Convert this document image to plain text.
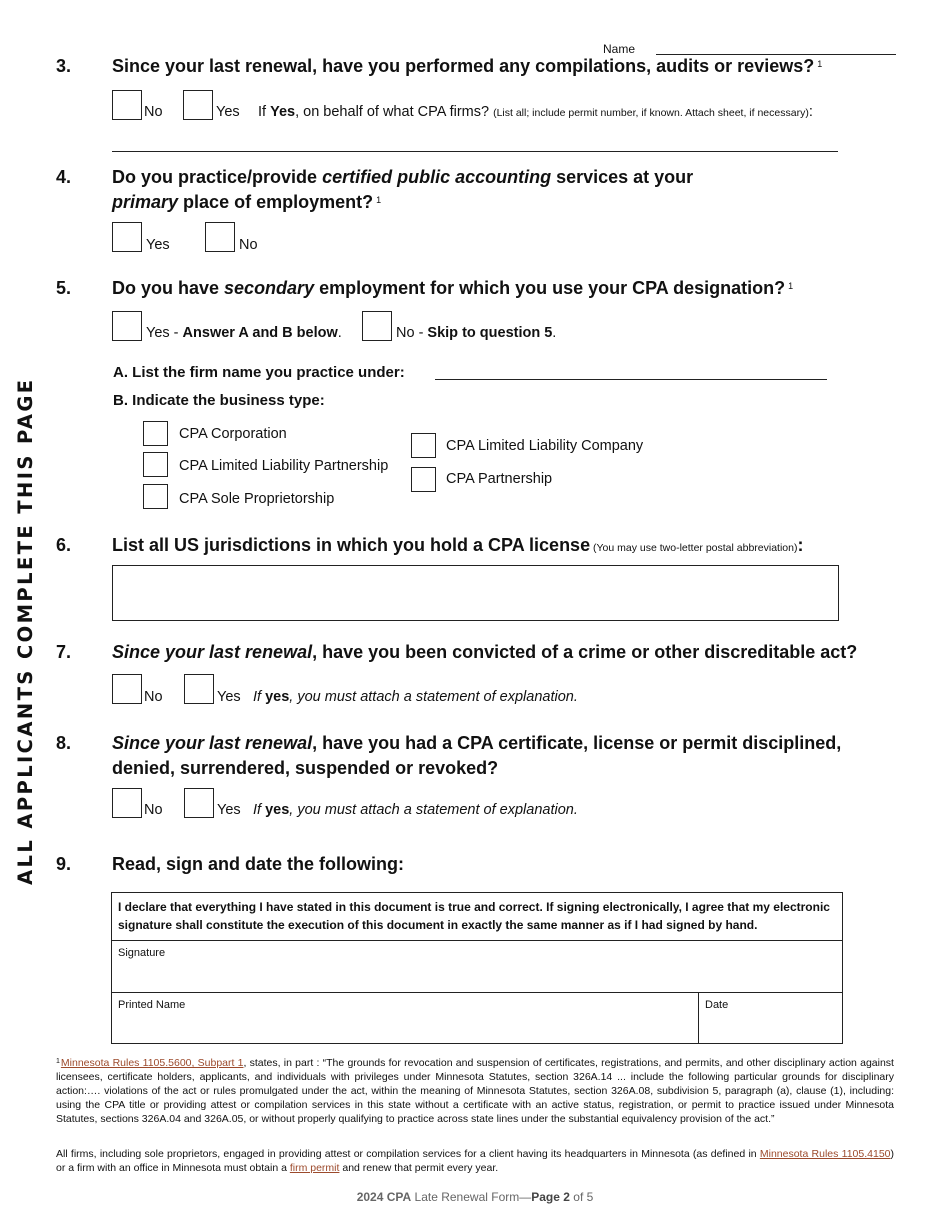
ALL APPLICANTS COMPLETE THIS PAGE
Name
3. Since your last renewal, have you performed any compilations, audits or reviews? $^1$
No	Yes If Yes, on behalf of what CPA firms? (List all; include permit number, if known. Attach sheet, if necessary):
4. Do you practice/provide certified public accounting services at your
primary place of employment? $^1$
Yes	No
5. Do you have secondary employment for which you use your CPA designation? $^1$
Yes - Answer A and B below.	No - Skip to question 5.
A. List the firm name you practice under:
B. Indicate the business type:
CPA Corporation
CPA Limited Liability Partnership
CPA Sole Proprietorship
CPA Limited Liability Company
CPA Partnership
6. List all US jurisdictions in which you hold a CPA license (You may use two-letter postal abbreviation):
7. Since your last renewal, have you been convicted of a crime or other discreditable act?
No	Yes If yes, you must attach a statement of explanation.
8. Since your last renewal, have you had a CPA certificate, license or permit disciplined,
denied, surrendered, suspended or revoked?
No	Yes If yes, you must attach a statement of explanation.
9. Read, sign and date the following:
I declare that everything I have stated in this document is true and correct. If signing electronically, I agree that my electronic signature shall constitute the execution of this document in exactly the same manner as if I had signed by hand.
Signature
Printed Name	Date
$^1$Minnesota Rules 1105.5600, Subpart 1, states, in part : “The grounds for revocation and suspension of certificates, registrations, and permits, and other disciplinary action against licensees, certificate holders, applicants, and individuals with privileges under Minnesota Statutes, section 326A.14 ... include the following particular grounds for disciplinary action:…. violations of the act or rules promulgated under the act, within the meaning of Minnesota Statutes, section 326A.08, subdivision 5, paragraph (a), clause (1), including: using the CPA title or providing attest or compilation services in this state without a certificate with an active status, registration, or permit to practice issued under Minnesota Statutes, sections 326A.04 and 326A.05, or without properly qualifying to practice across state lines under the substantial equivalency provision of the act.”
All firms, including sole proprietors, engaged in providing attest or compilation services for a client having its headquarters in Minnesota (as defined in Minnesota Rules 1105.4150) or a firm with an office in Minnesota must obtain a firm permit and renew that permit every year.
2024 CPA Late Renewal Form—Page 2 of 5
